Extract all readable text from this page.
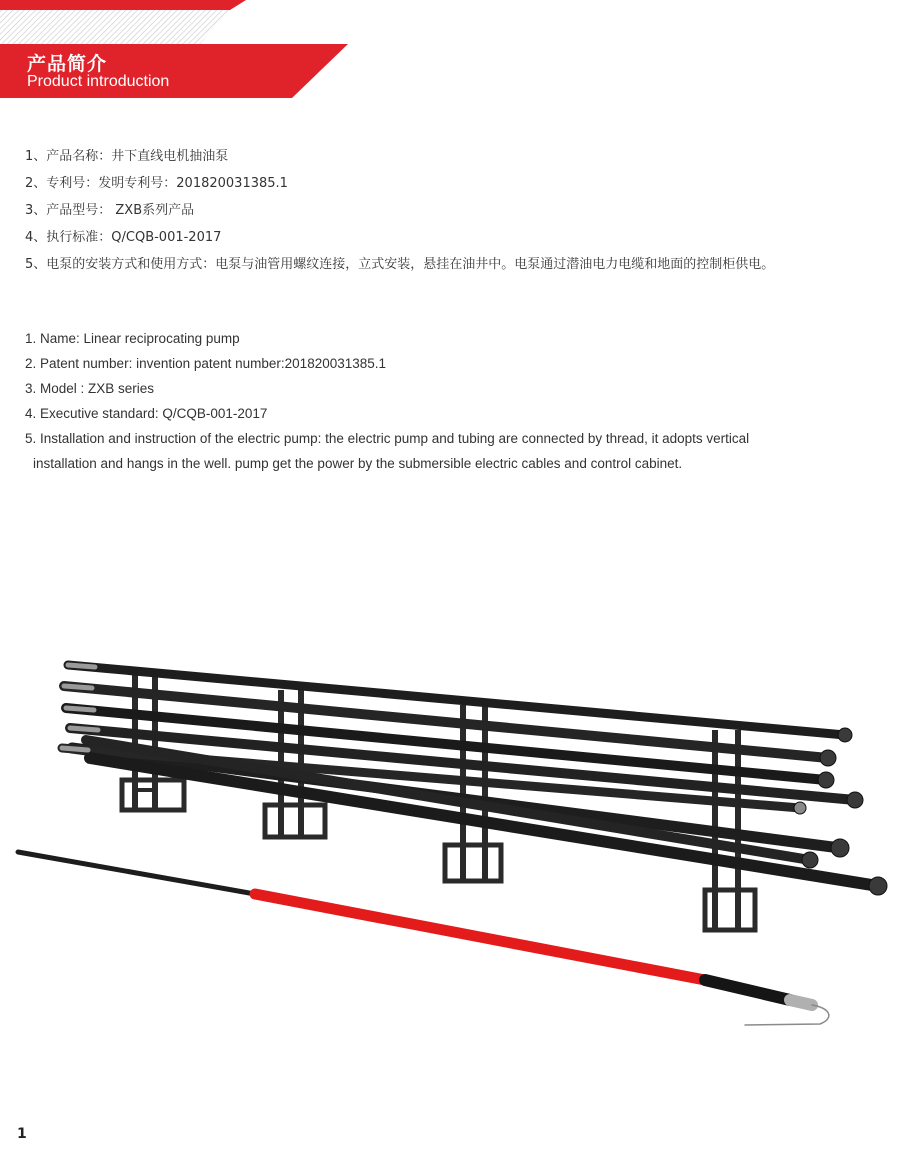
产品简介
Product introduction
1、产品名称：井下直线电机抽油泵
2、专利号：发明专利号：201820031385.1
3、产品型号： ZXB系列产品
4、执行标准：Q/CQB-001-2017
5、电泵的安装方式和使用方式：电泵与油管用螺纹连接，立式安装，悬挂在油井中。电泵通过潜油电力电缆和地面的控制柜供电。
1. Name: Linear reciprocating pump
2. Patent number: invention patent number:201820031385.1
3. Model : ZXB series
4. Executive standard: Q/CQB-001-2017
5. Installation and instruction of the electric pump: the electric pump and tubing are connected by thread, it adopts vertical
installation and hangs in the well. pump get the power by the submersible electric cables and control cabinet.
1
